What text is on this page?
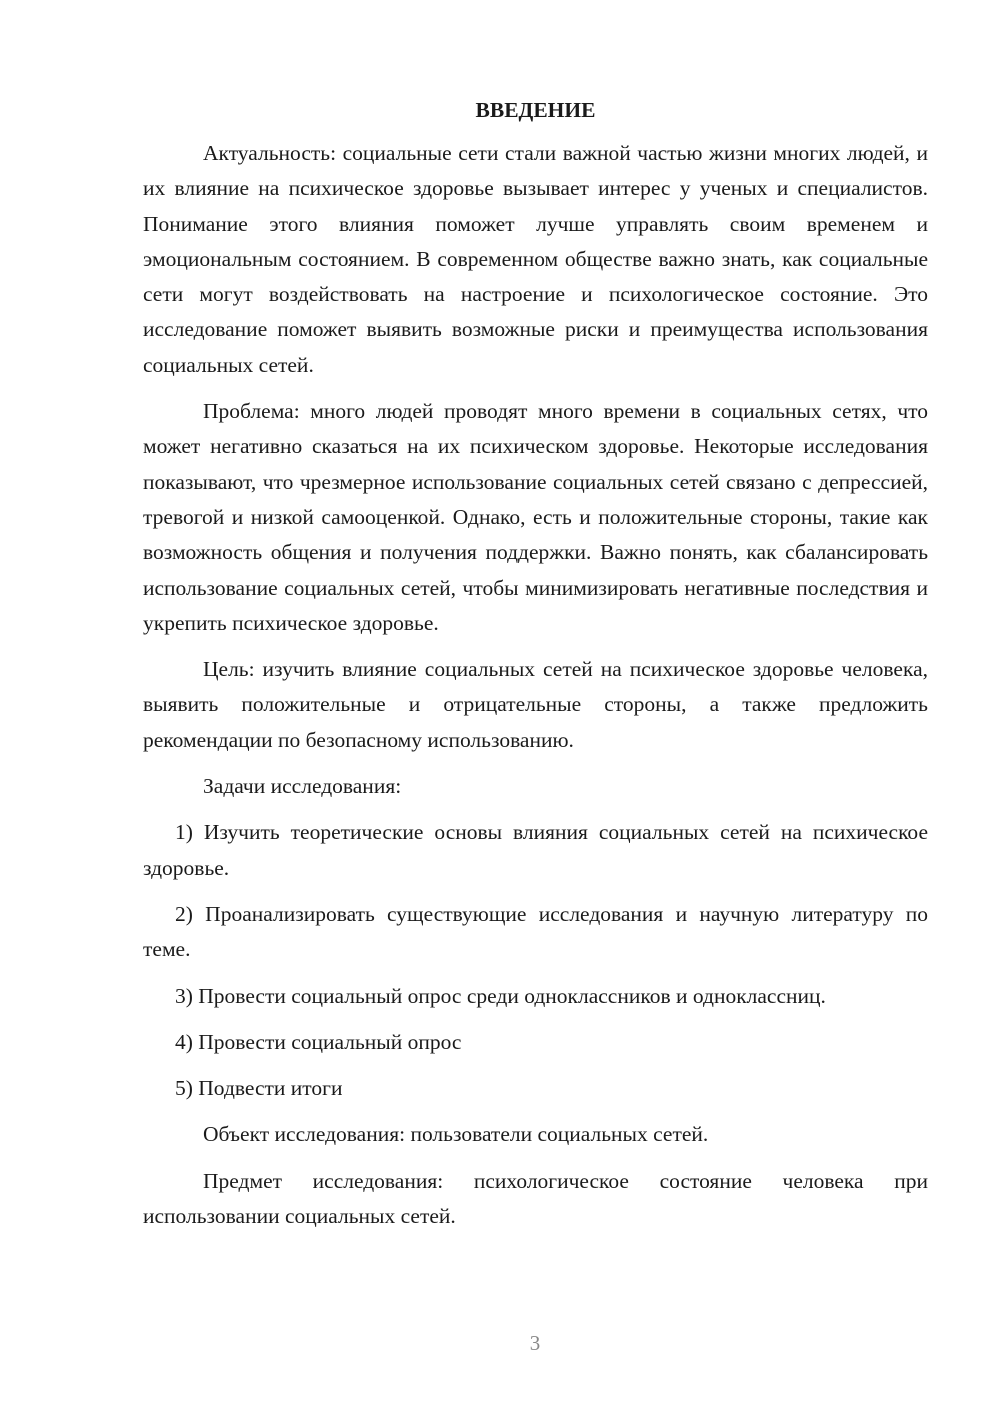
ВВЕДЕНИЕ

Актуальность: социальные сети стали важной частью жизни многих людей, и их влияние на психическое здоровье вызывает интерес у ученых и специалистов. Понимание этого влияния поможет лучше управлять своим временем и эмоциональным состоянием. В современном обществе важно знать, как социальные сети могут воздействовать на настроение и психологическое состояние. Это исследование поможет выявить возможные риски и преимущества использования социальных сетей.

Проблема: много людей проводят много времени в социальных сетях, что может негативно сказаться на их психическом здоровье. Некоторые исследования показывают, что чрезмерное использование социальных сетей связано с депрессией, тревогой и низкой самооценкой. Однако, есть и положительные стороны, такие как возможность общения и получения поддержки. Важно понять, как сбалансировать использование социальных сетей, чтобы минимизировать негативные последствия и укрепить психическое здоровье.

Цель: изучить влияние социальных сетей на психическое здоровье человека, выявить положительные и отрицательные стороны, а также предложить рекомендации по безопасному использованию.

Задачи исследования:

1) Изучить теоретические основы влияния социальных сетей на психическое здоровье.

2) Проанализировать существующие исследования и научную литературу по теме.

3) Провести социальный опрос среди одноклассников и одноклассниц.

4) Провести социальный опрос

5) Подвести итоги

Объект исследования: пользователи социальных сетей.

Предмет исследования: психологическое состояние человека при использовании социальных сетей.

3
